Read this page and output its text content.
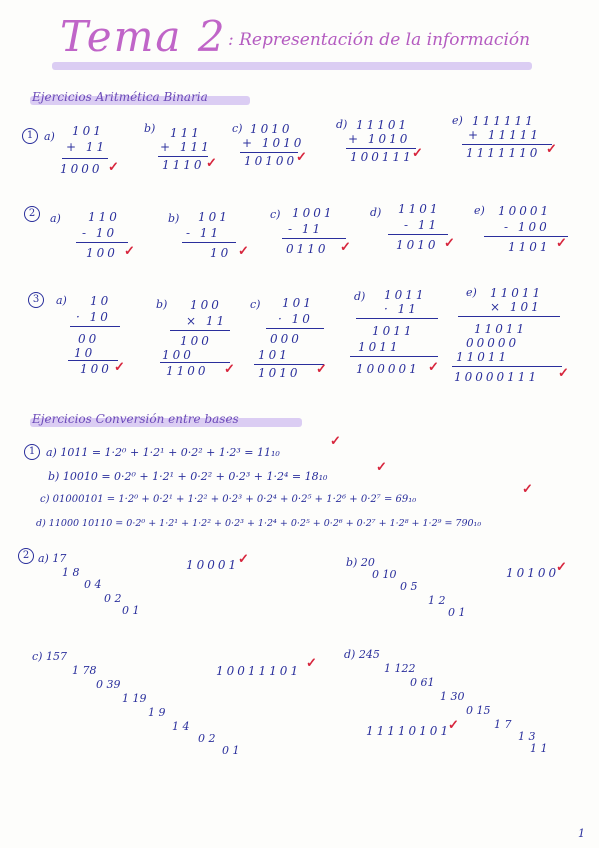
Tema 2 : Representación de la información
Ejercicios Aritmética Binaria
1 a) 101
+ 11
1000 ✓
b) 111
+ 111
1110 ✓
c) 1010
+ 1010
10100
✓
d) 11101
+ 1010
100111
✓
e) 111111
+ 11111
1111110 ✓
2	a) 110
- 10
100 ✓
b) 101
- 11
10 ✓
c) 1001
- 11
0110 ✓
d) 1101
- 11
1010 ✓
e) 10001
- 100
1101 ✓
3	a) 10
· 10
00
10
100 ✓
b) 100
× 11
100
100
1100 ✓
c) 101
· 10
000
101
1010 ✓
d) 1011
· 11
1011
1011
100001 ✓
e) 11011
× 101
11011
00000
11011
10000111 ✓
Ejercicios Conversión entre bases
1 a) 1011 = 1·2⁰ + 1·2¹ + 0·2² + 1·2³ = 11₁₀
✓
b) 10010 = 0·2⁰ + 1·2¹ + 0·2² + 0·2³ + 1·2⁴ = 18₁₀
✓
c) 01000101 = 1·2⁰ + 0·2¹ + 1·2² + 0·2³ + 0·2⁴ + 0·2⁵ + 1·2⁶ + 0·2⁷ = 69₁₀
✓
d) 11000 10110 = 0·2⁰ + 1·2¹ + 1·2² + 0·2³ + 1·2⁴ + 0·2⁵ + 0·2⁶ + 0·2⁷ + 1·2⁸ + 1·2⁹ = 790₁₀
2 a) 17
1 8
0 4
0 2
0 1
10001
✓	b) 20
0 10
0 5
1 2
0 1
10100
✓
c) 157
1 78
0 39
1 19
1 9
1 4
0 2
0 1
10011101 ✓
d) 245
1 122
0 61
1 30
0 15
1 7
1 3
1 1
11110101
✓
1
